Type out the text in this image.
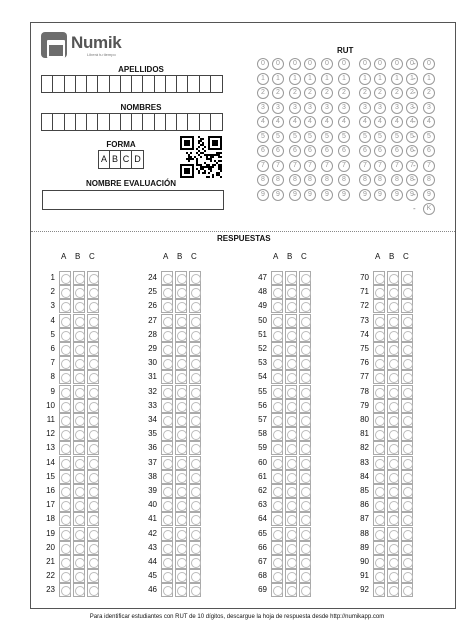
Numik
Liberá tu tiempo
APELLIDOS
NOMBRES
FORMA
A B C D
NOMBRE EVALUACIÓN
RUT
0	0	0	0	0	0	0	0	0	0 -	0
1	1	1	1	1	1	1	1	1	1 -	1
2	2	2	2	2	2	2	2	2	2 -	2
3	3	3	3	3	3	3	3	3	3 -	3
4	4	4	4	4	4	4	4	4	4 -	4
5	5	5	5	5	5	5	5	5	5 -	5
6	6	6	6	6	6	6	6	6	6 -	6
7	7	7	7	7	7	7	7	7	7 -	7
8	8	8	8	8	8	8	8	8	8 -	8
9	9	9	9	9	9	9	9	9	9 -	9
-	K
RESPUESTAS
A B C
1
2
3
4
5
6
7
8
9
10
11
12
13
14
15
16
17
18
19
20
21
22
23
A B C
24
25
26
27
28
29
30
31
32
33
34
35
36
37
38
39
40
41
42
43
44
45
46
A B C
47
48
49
50
51
52
53
54
55
56
57
58
59
60
61
62
63
64
65
66
67
68
69
A B C
70
71
72
73
74
75
76
77
78
79
80
81
82
83
84
85
86
87
88
89
90
91
92
Para identificar estudiantes con RUT de 10 dígitos, descargue la hoja de respuesta desde http://numikapp.com
